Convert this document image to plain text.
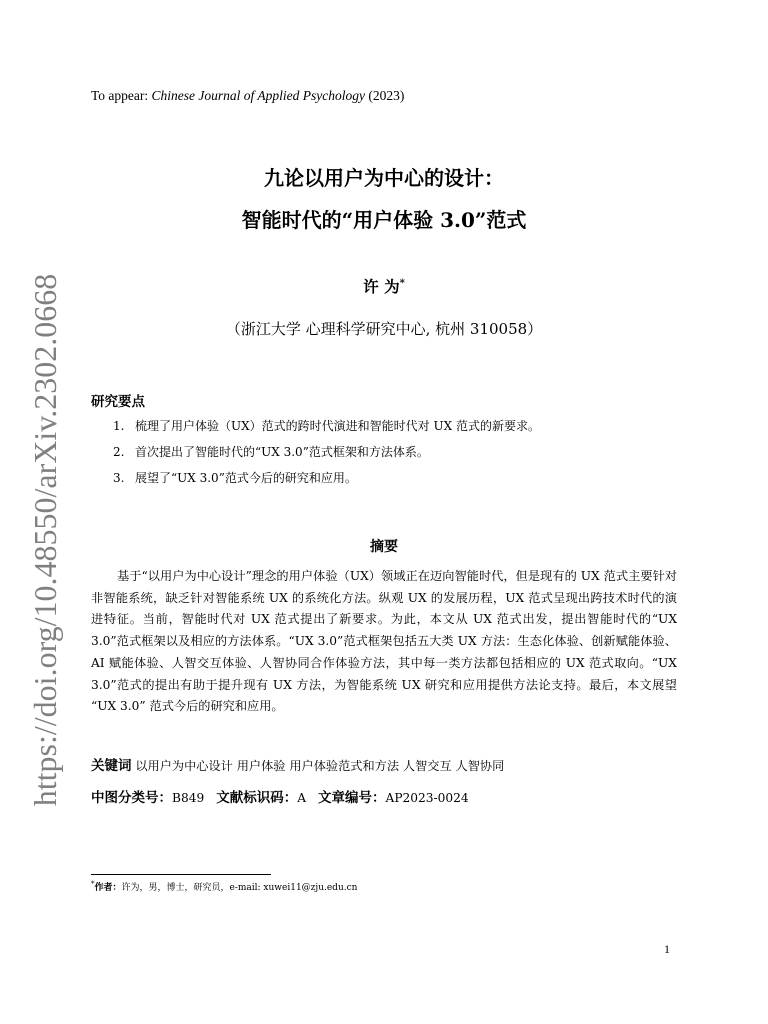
To appear: Chinese Journal of Applied Psychology (2023)
九论以用户为中心的设计：
智能时代的“用户体验 3.0”范式
许 为*
（浙江大学 心理科学研究中心, 杭州 310058）
研究要点
1. 梳理了用户体验（UX）范式的跨时代演进和智能时代对 UX 范式的新要求。
2. 首次提出了智能时代的“UX 3.0”范式框架和方法体系。
3. 展望了“UX 3.0”范式今后的研究和应用。
摘要

基于“以用户为中心设计”理念的用户体验（UX）领域正在迈向智能时代，但是现有的 UX 范式主要针对非智能系统，缺乏针对智能系统 UX 的系统化方法。纵观 UX 的发展历程，UX 范式呈现出跨技术时代的演进特征。当前，智能时代对 UX 范式提出了新要求。为此，本文从 UX 范式出发，提出智能时代的“UX 3.0”范式框架以及相应的方法体系。“UX 3.0”范式框架包括五大类 UX 方法：生态化体验、创新赋能体验、AI 赋能体验、人智交互体验、人智协同合作体验方法，其中每一类方法都包括相应的 UX 范式取向。“UX 3.0”范式的提出有助于提升现有 UX 方法，为智能系统 UX 研究和应用提供方法论支持。最后，本文展望 “UX 3.0” 范式今后的研究和应用。

关键词 以用户为中心设计 用户体验 用户体验范式和方法 人智交互 人智协同
中图分类号：B849 文献标识码：A 文章编号：AP2023-0024
*作者：许为，男，博士，研究员，e-mail: xuwei11@zju.edu.cn
1
https://doi.org/10.48550/arXiv.2302.0668
